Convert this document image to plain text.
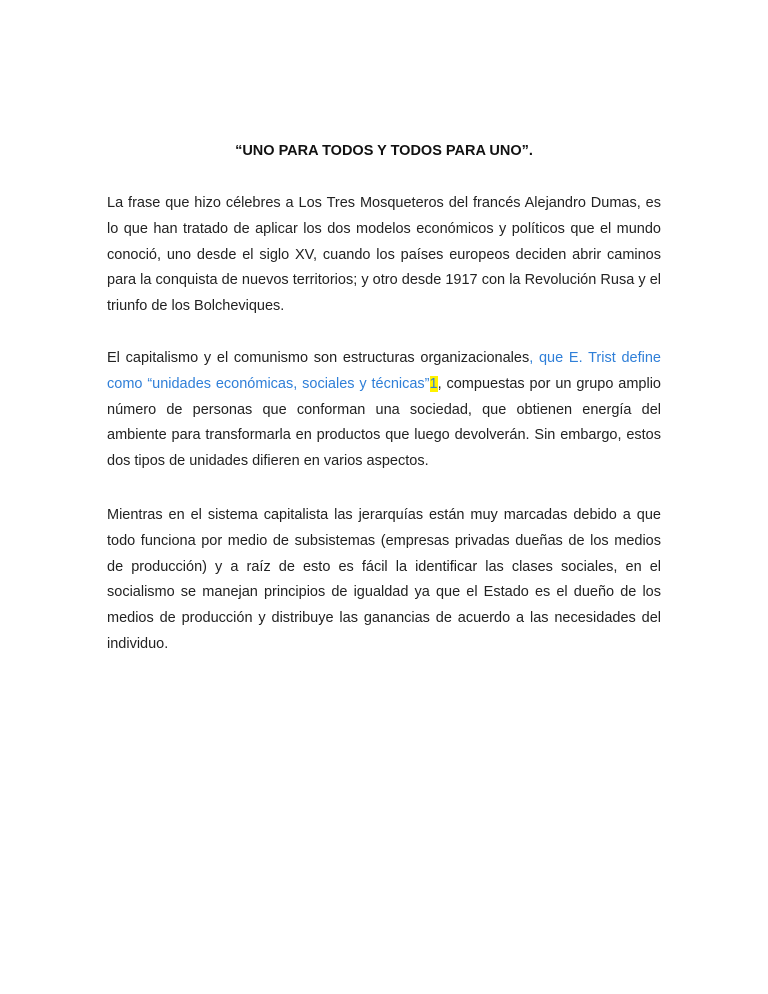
“UNO PARA TODOS Y TODOS PARA UNO”.

La frase que hizo célebres a Los Tres Mosqueteros del francés Alejandro Dumas, es lo que han tratado de aplicar los dos modelos económicos y políticos que el mundo conoció, uno desde el siglo XV, cuando los países europeos deciden abrir caminos para la conquista de nuevos territorios; y otro desde 1917 con la Revolución Rusa y el triunfo de los Bolcheviques.

El capitalismo y el comunismo son estructuras organizacionales, que E. Trist define como “unidades económicas, sociales y técnicas”1, compuestas por un grupo amplio número de personas que conforman una sociedad, que obtienen energía del ambiente para transformarla en productos que luego devolverán. Sin embargo, estos dos tipos de unidades difieren en varios aspectos.

Mientras en el sistema capitalista las jerarquías están muy marcadas debido a que todo funciona por medio de subsistemas (empresas privadas dueñas de los medios de producción) y a raíz de esto es fácil la identificar las clases sociales, en el socialismo se manejan principios de igualdad ya que el Estado es el dueño de los medios de producción y distribuye las ganancias de acuerdo a las necesidades del individuo.
